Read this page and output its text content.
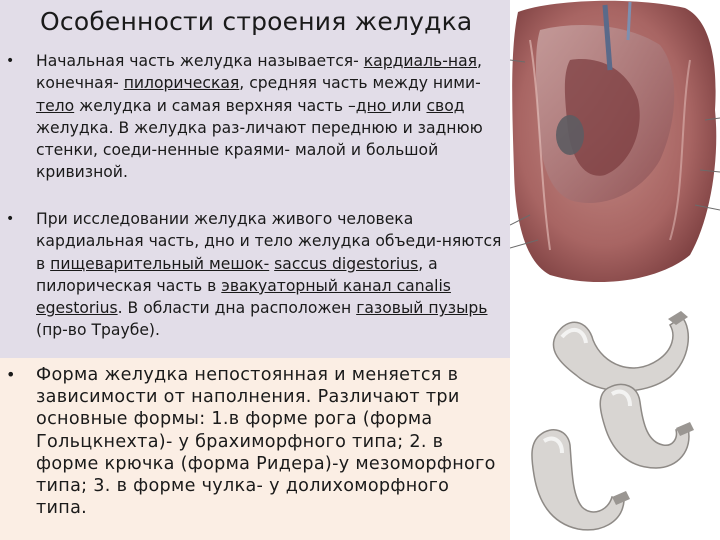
Особенности строения желудка
• Начальная часть желудка называется- кардиаль-ная, конечная- пилорическая, средняя часть между ними- тело желудка и самая верхняя часть –дно или свод желудка. В желудка раз-личают переднюю и заднюю стенки, соеди-ненные краями- малой и большой кривизной.

• При исследовании желудка живого человека кардиальная часть, дно и тело желудка объеди-няются в пищеварительный мешок- saccus digestorius, а пилорическая часть в эвакуаторный канал canalis egestorius. В области дна расположен газовый пузырь (пр-во Траубе).

• Форма желудка непостоянная и меняется в зависимости от наполнения. Различают три основные формы: 1.в форме рога (форма Гольцкнехта)- у брахиморфного типа; 2. в форме крючка (форма Ридера)-у мезоморфного типа; 3. в форме чулка- у долихоморфного типа.
